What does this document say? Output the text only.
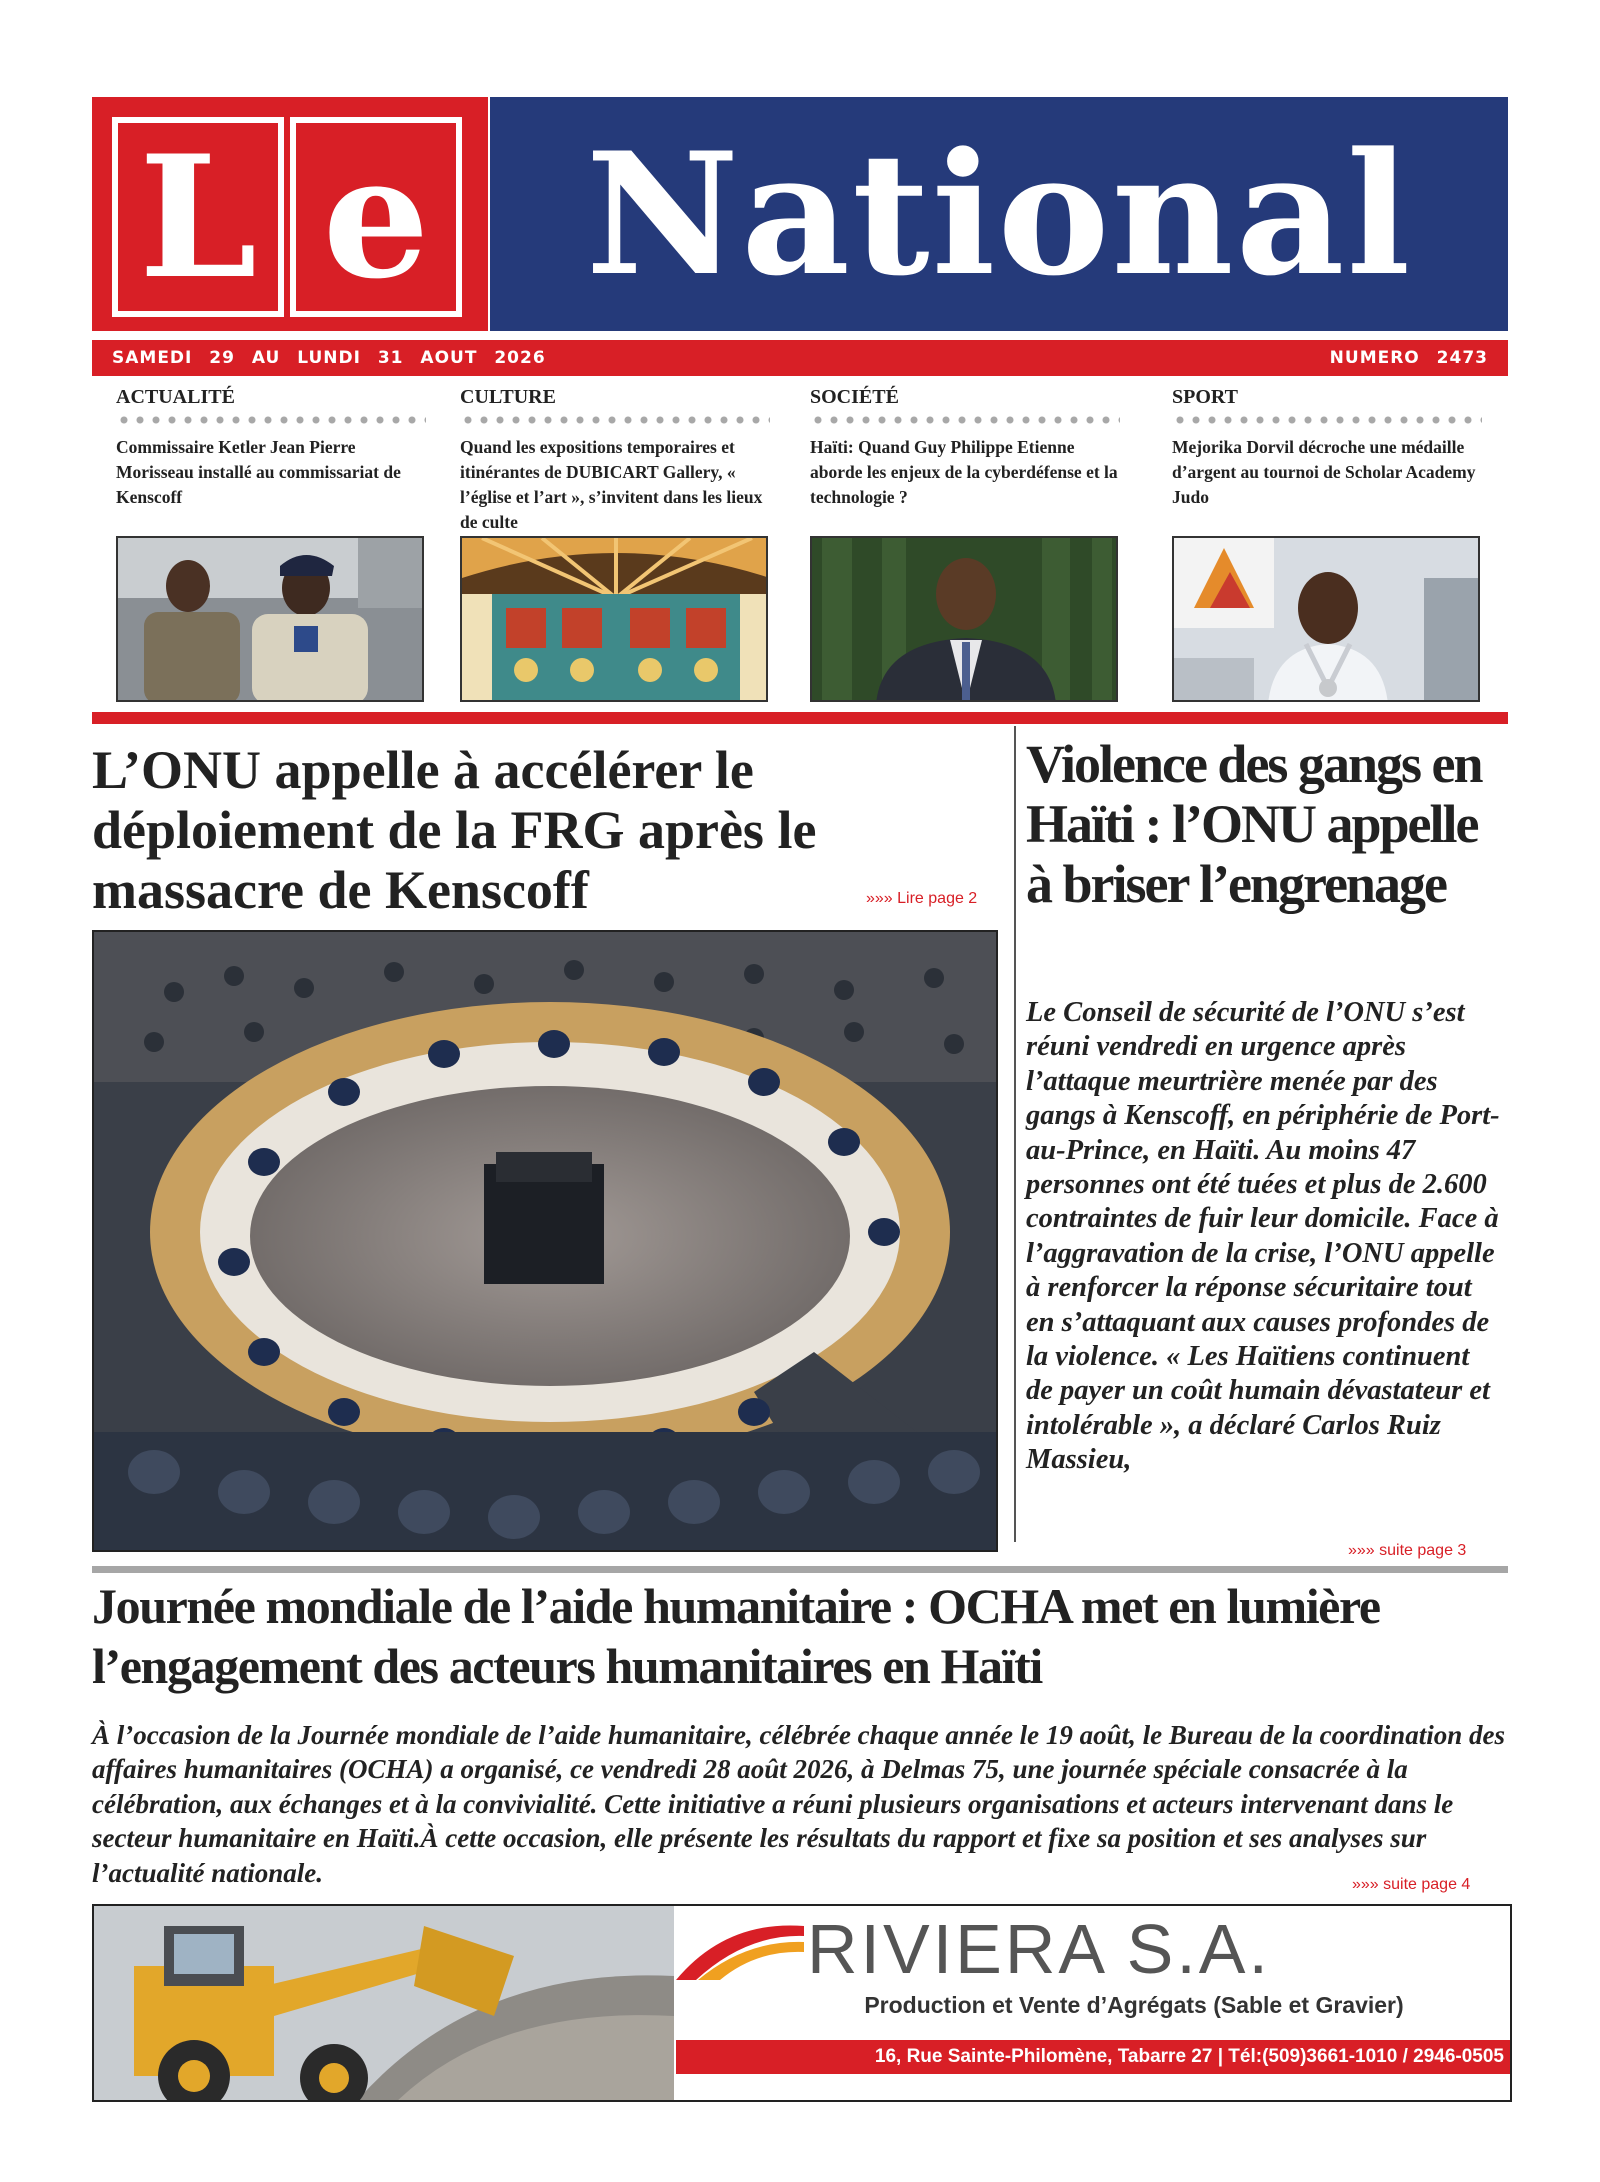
L e National
SAMEDI 29 AU LUNDI 31 AOUT 2026	NUMERO 2473
ACTUALITÉ
Commissaire Ketler Jean Pierre Morisseau installé au commissariat de Kenscoff
CULTURE
Quand les expositions temporaires et itinérantes de DUBICART Gallery, « l’église et l’art », s’invitent dans les lieux de culte
SOCIÉTÉ
Haïti: Quand Guy Philippe Etienne aborde les enjeux de la cyberdéfense et la technologie ?
SPORT
Mejorika Dorvil décroche une médaille d’argent au tournoi de Scholar Academy Judo
L’ONU appelle à accélérer le déploiement de la FRG après le massacre de Kenscoff	»»» Lire page 2
Violence des gangs en Haïti : l’ONU appelle à briser l’engrenage

Le Conseil de sécurité de l’ONU s’est réuni vendredi en urgence après l’attaque meurtrière menée par des gangs à Kenscoff, en périphérie de Port-au-Prince, en Haïti. Au moins 47 personnes ont été tuées et plus de 2.600 contraintes de fuir leur domicile. Face à l’aggravation de la crise, l’ONU appelle à renforcer la réponse sécuritaire tout en s’attaquant aux causes profondes de la violence. « Les Haïtiens continuent de payer un coût humain dévastateur et intolérable », a déclaré Carlos Ruiz Massieu,

»»» suite page 3
Journée mondiale de l’aide humanitaire : OCHA met en lumière l’engagement des acteurs humanitaires en Haïti

À l’occasion de la Journée mondiale de l’aide humanitaire, célébrée chaque année le 19 août, le Bureau de la coordination des affaires humanitaires (OCHA) a organisé, ce vendredi 28 août 2026, à Delmas 75, une journée spéciale consacrée à la célébration, aux échanges et à la convivialité. Cette initiative a réuni plusieurs organisations et acteurs intervenant dans le secteur humanitaire en Haïti.À cette occasion, elle présente les résultats du rapport et fixe sa position et ses analyses sur l’actualité nationale.	»»» suite page 4
RIVIERA S.A.
Production et Vente d’Agrégats (Sable et Gravier)
16, Rue Sainte-Philomène, Tabarre 27 | Tél:(509)3661-1010 / 2946-0505
